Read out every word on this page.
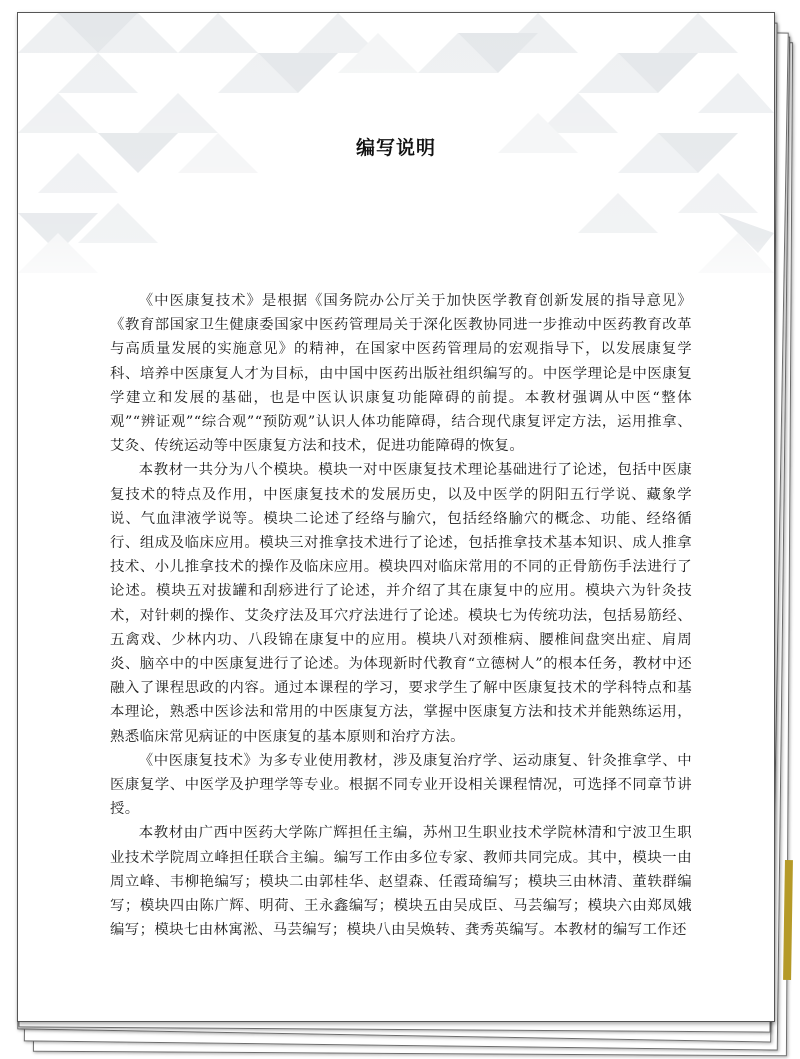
编写说明

《中医康复技术》是根据《国务院办公厅关于加快医学教育创新发展的指导意见》《教育部国家卫生健康委国家中医药管理局关于深化医教协同进一步推动中医药教育改革与高质量发展的实施意见》的精神，在国家中医药管理局的宏观指导下，以发展康复学科、培养中医康复人才为目标，由中国中医药出版社组织编写的。中医学理论是中医康复学建立和发展的基础，也是中医认识康复功能障碍的前提。本教材强调从中医“整体观”“辨证观”“综合观”“预防观”认识人体功能障碍，结合现代康复评定方法，运用推拿、艾灸、传统运动等中医康复方法和技术，促进功能障碍的恢复。

本教材一共分为八个模块。模块一对中医康复技术理论基础进行了论述，包括中医康复技术的特点及作用，中医康复技术的发展历史，以及中医学的阴阳五行学说、藏象学说、气血津液学说等。模块二论述了经络与腧穴，包括经络腧穴的概念、功能、经络循行、组成及临床应用。模块三对推拿技术进行了论述，包括推拿技术基本知识、成人推拿技术、小儿推拿技术的操作及临床应用。模块四对临床常用的不同的正骨筋伤手法进行了论述。模块五对拔罐和刮痧进行了论述，并介绍了其在康复中的应用。模块六为针灸技术，对针刺的操作、艾灸疗法及耳穴疗法进行了论述。模块七为传统功法，包括易筋经、五禽戏、少林内功、八段锦在康复中的应用。模块八对颈椎病、腰椎间盘突出症、肩周炎、脑卒中的中医康复进行了论述。为体现新时代教育“立德树人”的根本任务，教材中还融入了课程思政的内容。通过本课程的学习，要求学生了解中医康复技术的学科特点和基本理论，熟悉中医诊法和常用的中医康复方法，掌握中医康复方法和技术并能熟练运用，熟悉临床常见病证的中医康复的基本原则和治疗方法。

《中医康复技术》为多专业使用教材，涉及康复治疗学、运动康复、针灸推拿学、中医康复学、中医学及护理学等专业。根据不同专业开设相关课程情况，可选择不同章节讲授。

本教材由广西中医药大学陈广辉担任主编，苏州卫生职业技术学院林清和宁波卫生职业技术学院周立峰担任联合主编。编写工作由多位专家、教师共同完成。其中，模块一由周立峰、韦柳艳编写；模块二由郭桂华、赵望森、任霞琦编写；模块三由林清、董轶群编写；模块四由陈广辉、明荷、王永鑫编写；模块五由吴成臣、马芸编写；模块六由郑凤娥编写；模块七由林寓淞、马芸编写；模块八由吴焕转、龚秀英编写。本教材的编写工作还
